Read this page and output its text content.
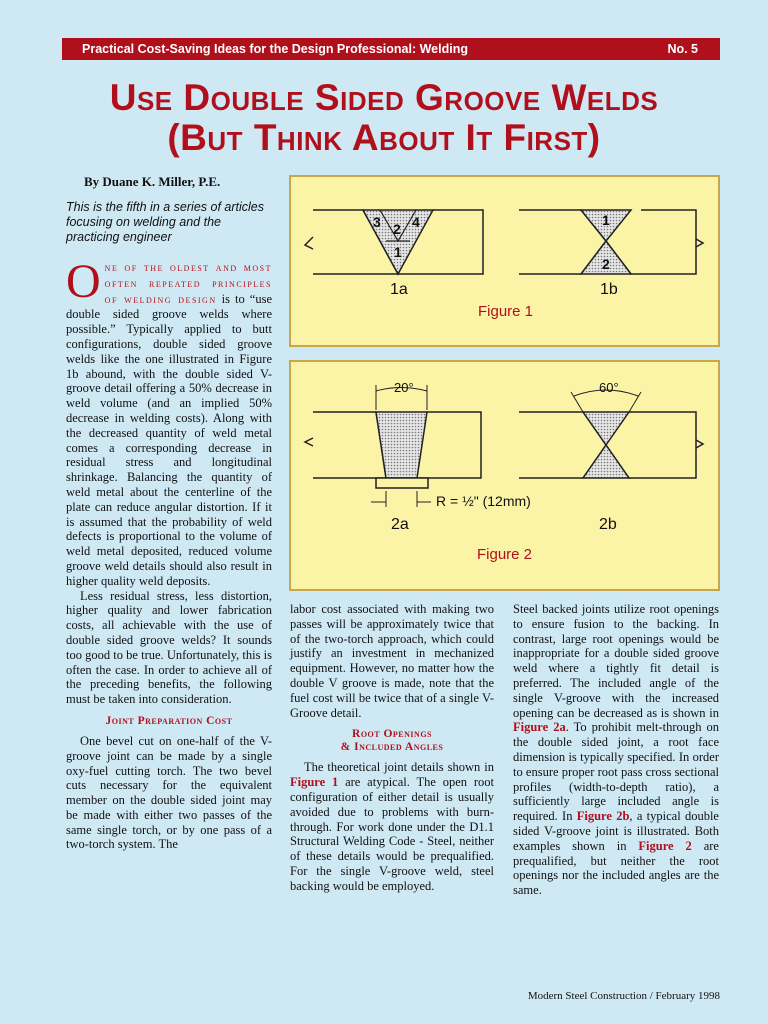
Practical Cost-Saving Ideas for the Design Professional: Welding	No. 5
Use Double Sided Groove Welds
(But Think About It First)
By Duane K. Miller, P.E.
This is the fifth in a series of articles focusing on welding and the practicing engineer

One of the oldest and most often repeated principles of welding design is to “use double sided groove welds where possible.” Typically applied to butt configurations, double sided groove welds like the one illustrated in Figure 1b abound, with the double sided V-groove detail offering a 50% decrease in weld volume (and an implied 50% decrease in welding costs). Along with the decreased quantity of weld metal comes a corresponding decrease in residual stress and longitudinal shrinkage. Balancing the quantity of weld metal about the centerline of the plate can reduce angular distortion. If it is assumed that the probability of weld defects is proportional to the volume of weld metal deposited, reduced volume groove weld details should also result in higher quality weld deposits.

Less residual stress, less distortion, higher quality and lower fabrication costs, all achievable with the use of double sided groove welds? It sounds too good to be true. Unfortunately, this is often the case. In order to achieve all of the preceding benefits, the following must be taken into consideration.

Joint Preparation Cost

One bevel cut on one-half of the V-groove joint can be made by a single oxy-fuel cutting torch. The two bevel cuts necessary for the equivalent member on the double sided joint may be made with either two passes of the same single torch, or by one pass of a two-torch system. The

labor cost associated with making two passes will be approximately twice that of the two-torch approach, which could justify an investment in mechanized equipment. However, no matter how the double V groove is made, note that the fuel cost will be twice that of a single V-Groove detail.

Root Openings
& Included Angles

The theoretical joint details shown in Figure 1 are atypical. The open root configuration of either detail is usually avoided due to problems with burn-through. For work done under the D1.1 Structural Welding Code - Steel, neither of these details would be prequalified. For the single V-groove weld, steel backing would be employed.

Steel backed joints utilize root openings to ensure fusion to the backing. In contrast, large root openings would be inappropriate for a double sided groove weld where a tightly fit detail is preferred. The included angle of the single V-groove with the increased opening can be decreased as is shown in Figure 2a. To prohibit melt-through on the double sided joint, a root face dimension is typically specified. In order to ensure proper root pass cross sectional profiles (width-to-depth ratio), a sufficiently large included angle is required. In Figure 2b, a typical double sided V-groove joint is illustrated. Both examples shown in Figure 2 are prequalified, but neither the root openings nor the included angles are the same.

3 2 4
1
1
2
1a	1b
Figure 1
20°	60°
R = ½" (12mm)
2a	2b
Figure 2
Modern Steel Construction / February 1998
